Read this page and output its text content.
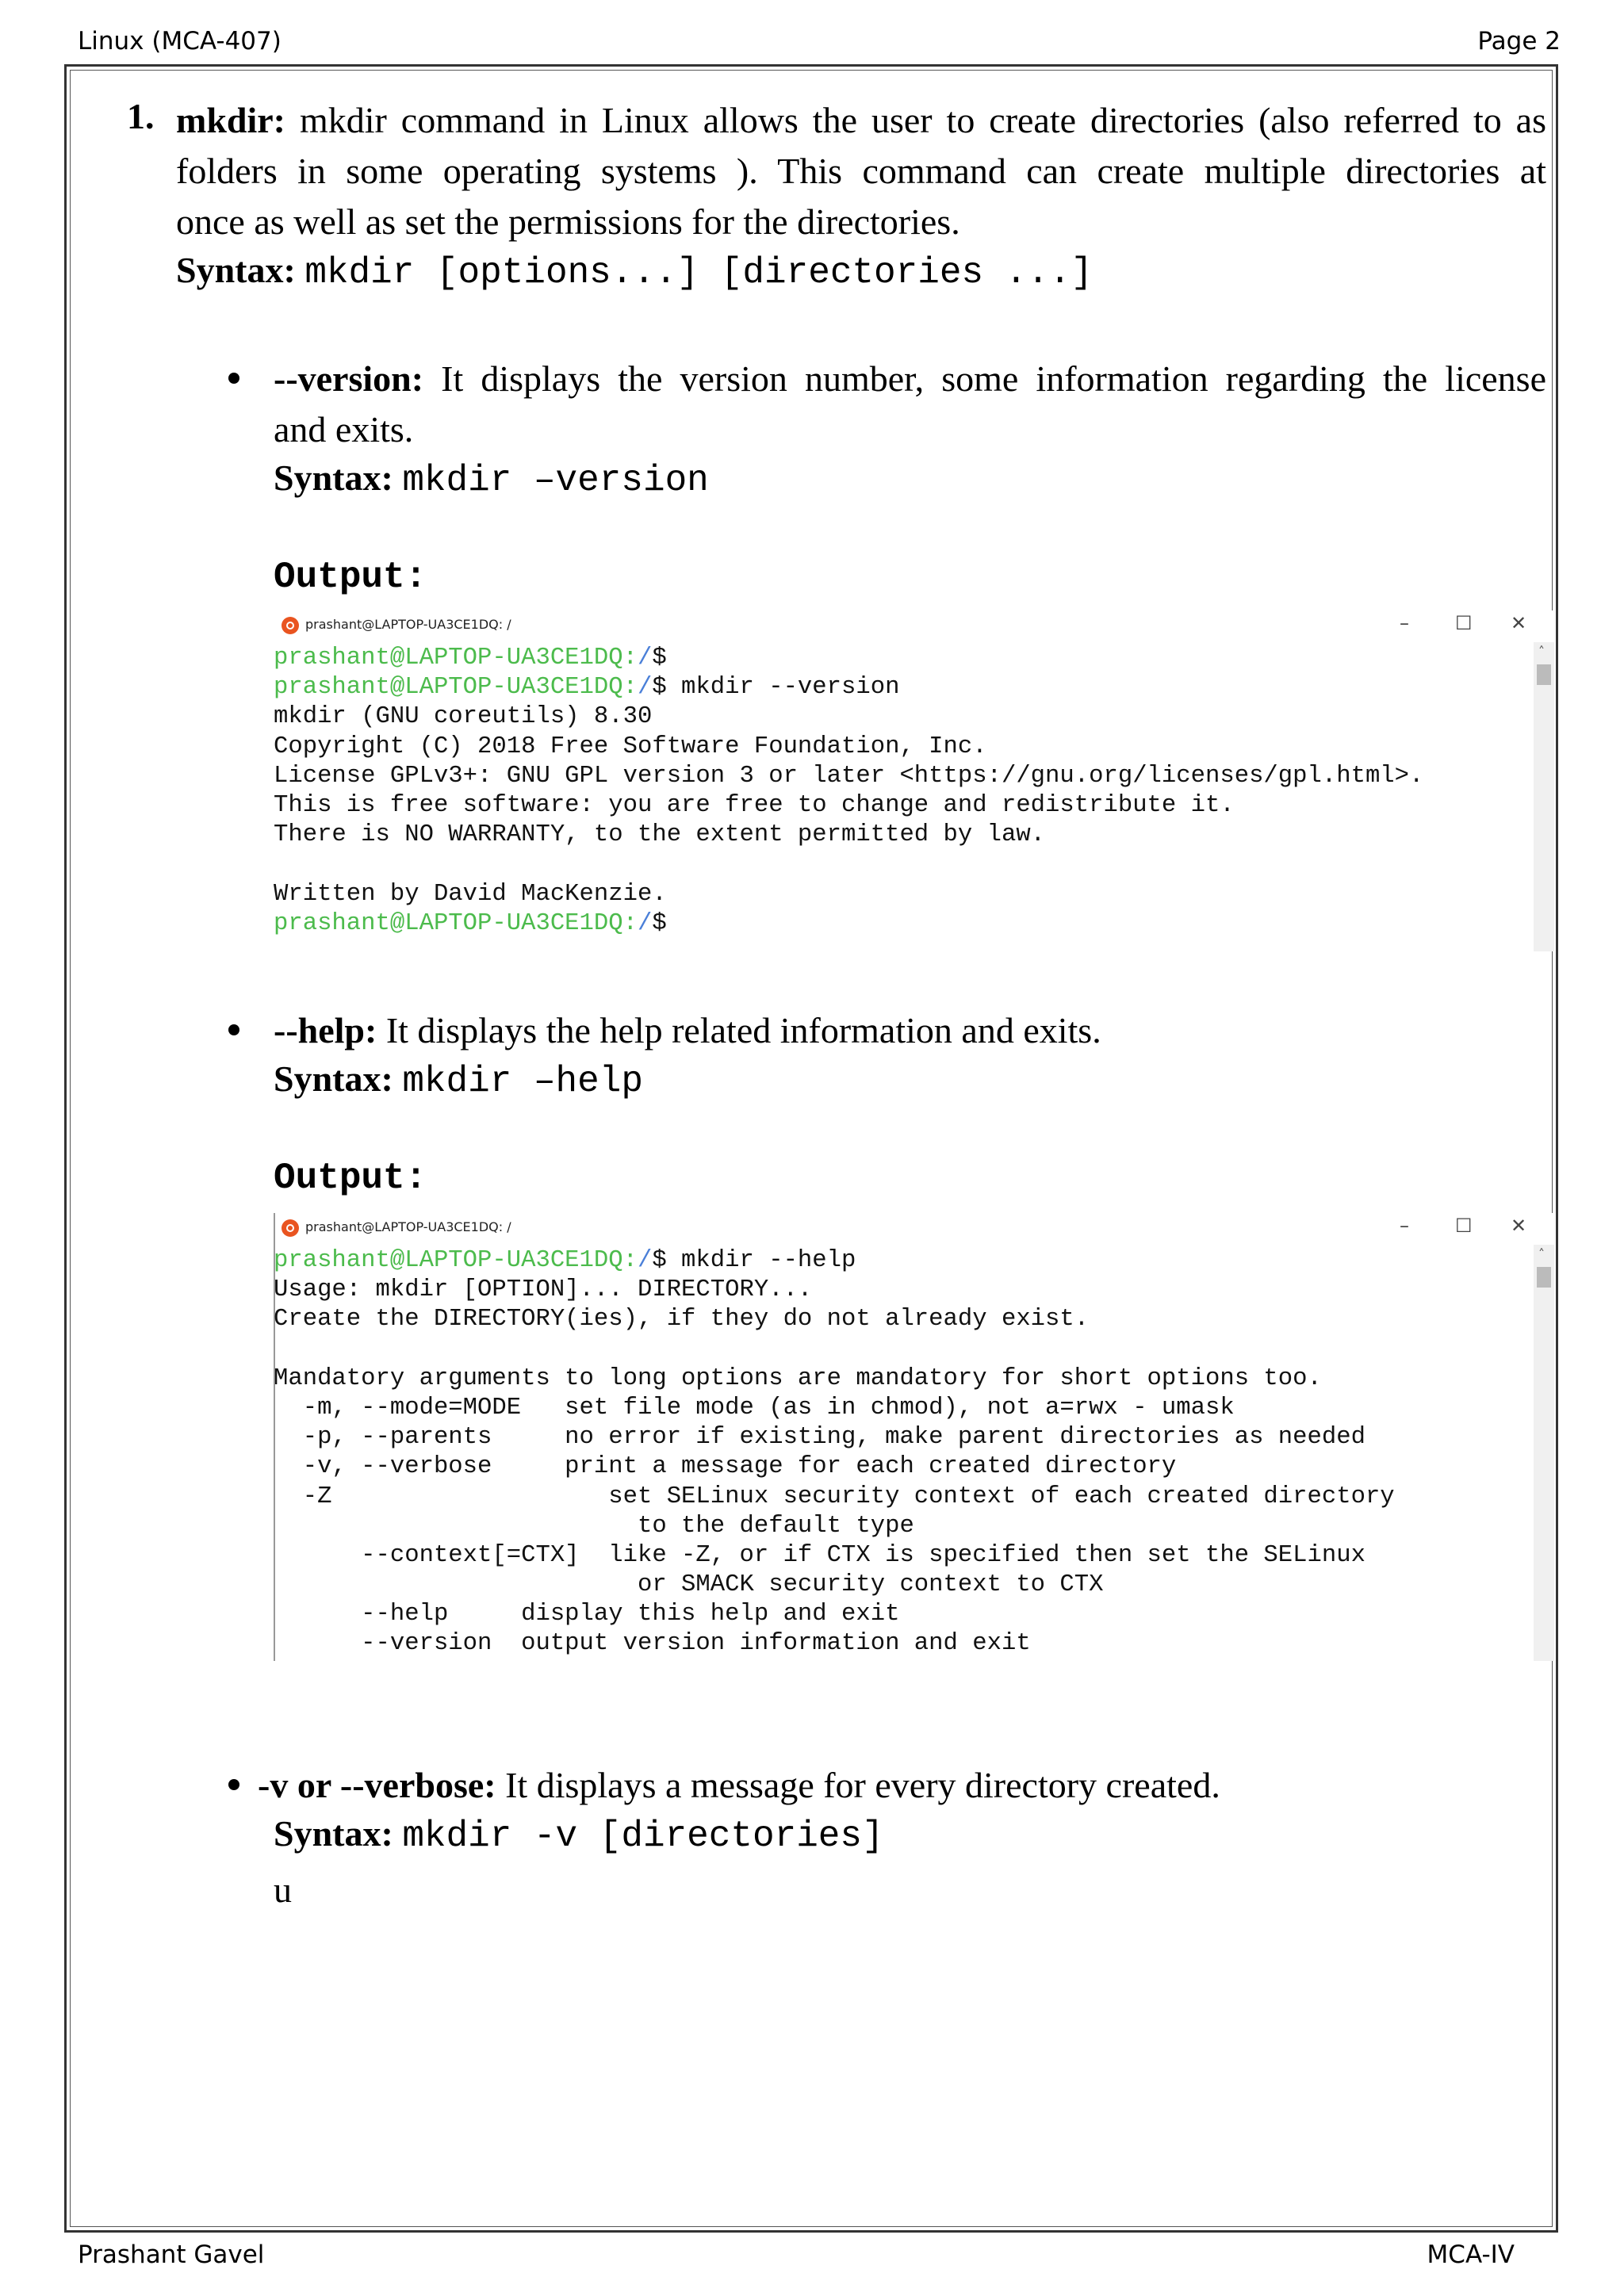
Linux (MCA-407)	Page 2
Prashant Gavel	MCA-IV
1. mkdir: mkdir command in Linux allows the user to create directories (also referred to as
folders in some operating systems ). This command can create multiple directories at
once as well as set the permissions for the directories.
Syntax: mkdir [options...] [directories ...]
--version: It displays the version number, some information regarding the license
and exits.
Syntax: mkdir –version
Output:
prashant@LAPTOP-UA3CE1DQ: /	– ☐ ✕
prashant@LAPTOP-UA3CE1DQ:/$
prashant@LAPTOP-UA3CE1DQ:/$ mkdir --version
mkdir (GNU coreutils) 8.30
Copyright (C) 2018 Free Software Foundation, Inc.
License GPLv3+: GNU GPL version 3 or later <https://gnu.org/licenses/gpl.html>.
This is free software: you are free to change and redistribute it.
There is NO WARRANTY, to the extent permitted by law.
Written by David MacKenzie.
prashant@LAPTOP-UA3CE1DQ:/$
˄
--help: It displays the help related information and exits.
Syntax: mkdir –help
Output:
prashant@LAPTOP-UA3CE1DQ: /	– ☐ ✕
prashant@LAPTOP-UA3CE1DQ:/$ mkdir --help
Usage: mkdir [OPTION]... DIRECTORY...
Create the DIRECTORY(ies), if they do not already exist.
Mandatory arguments to long options are mandatory for short options too.
-m, --mode=MODE   set file mode (as in chmod), not a=rwx - umask
-p, --parents     no error if existing, make parent directories as needed
-v, --verbose     print a message for each created directory
-Z                   set SELinux security context of each created directory
to the default type
--context[=CTX]  like -Z, or if CTX is specified then set the SELinux
or SMACK security context to CTX
--help     display this help and exit
--version  output version information and exit
˄
-v or --verbose: It displays a message for every directory created.
Syntax: mkdir -v [directories]
u
